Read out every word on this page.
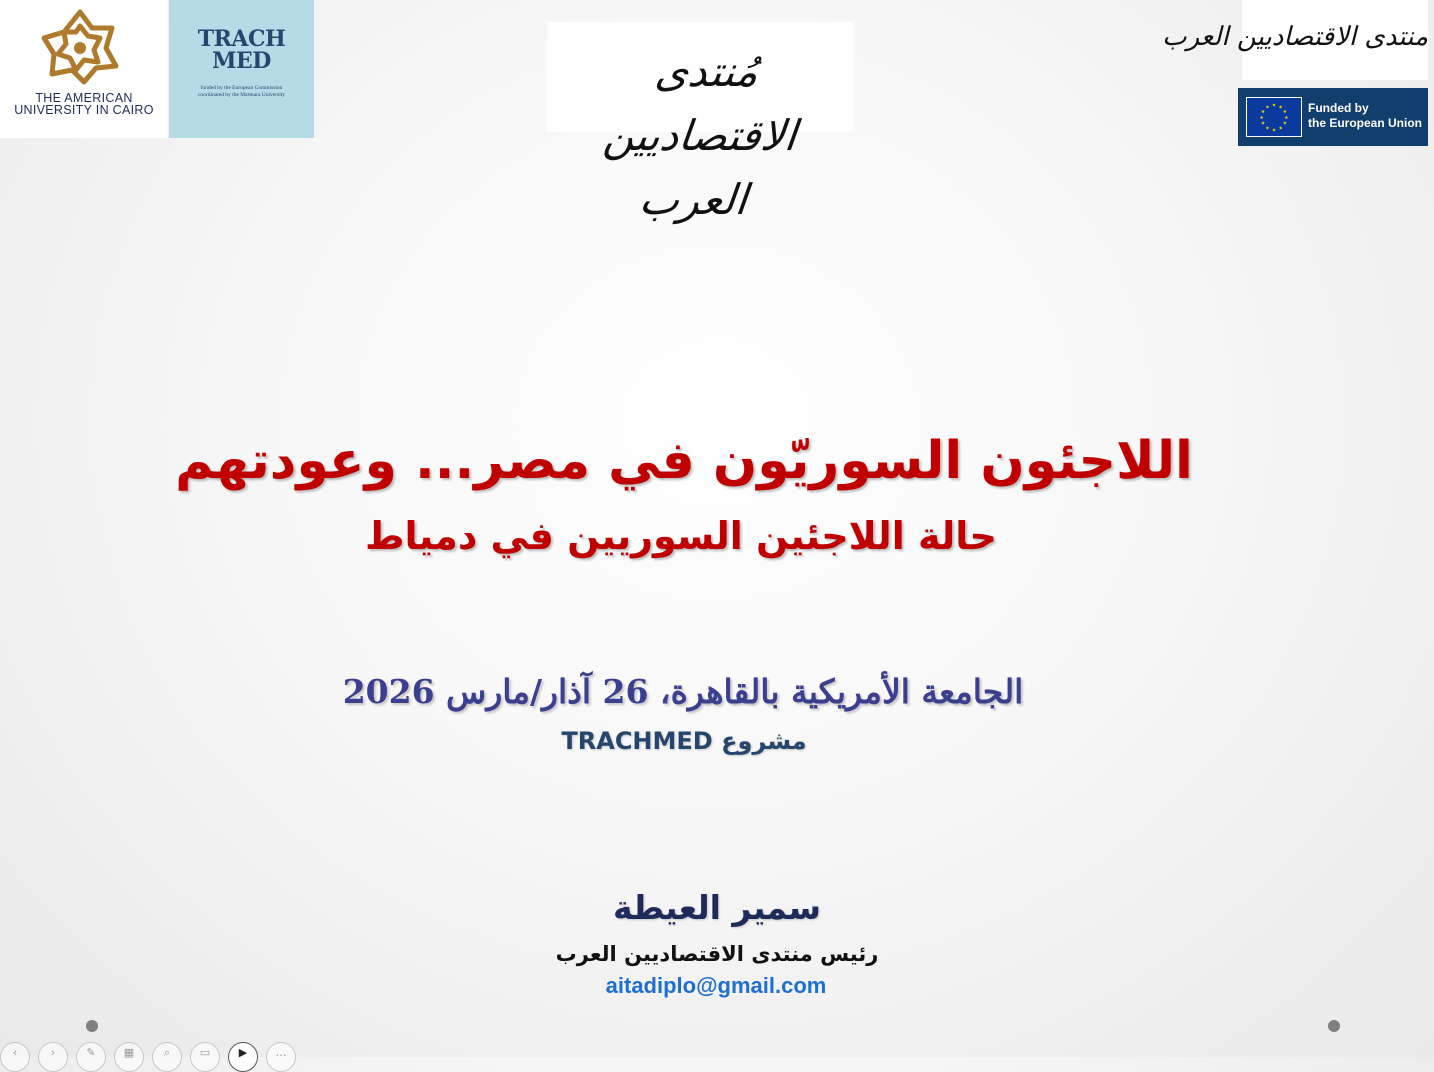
THE AMERICAN
UNIVERSITY IN CAIRO
TRACH
MED
funded by the European Commission
coordinated by the Marmara University	مُنتدى الاقتصاديين العرب
منتدى الاقتصاديين العرب
★ ★
★
★
★
★
★
★
★
★
★
★	Funded by
the European Union
اللاجئون السوريّون في مصر... وعودتهم
حالة اللاجئين السوريين في دمياط
الجامعة الأمريكية بالقاهرة، 26 آذار/مارس 2026
مشروع TRACHMED
سمير العيطة
رئيس منتدى الاقتصاديين العرب
aitadiplo@gmail.com
‹	›	✎	▦	⌕	▭	▶	…
